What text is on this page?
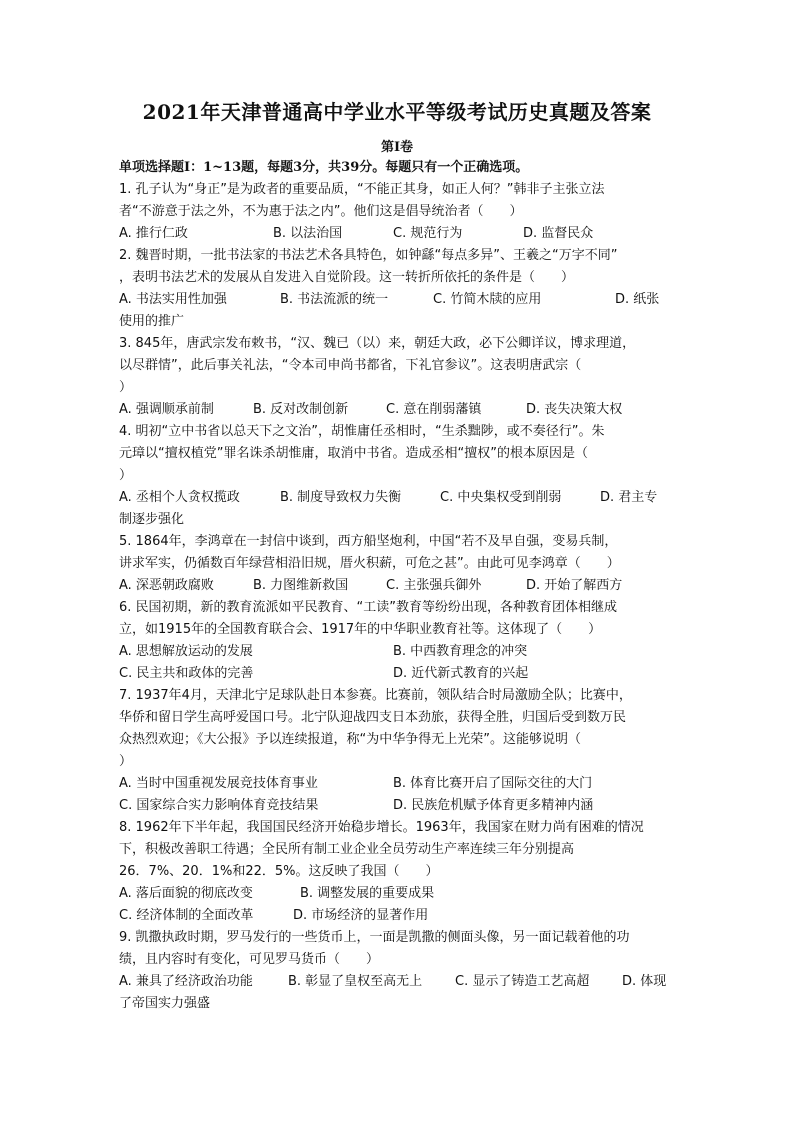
2021年天津普通高中学业水平等级考试历史真题及答案
第I卷
单项选择题I：1~13题，每题3分，共39分。每题只有一个正确选项。
1. 孔子认为“身正”是为政者的重要品质，“不能正其身，如正人何？”韩非子主张立法
者“不游意于法之外，不为惠于法之内”。他们这是倡导统治者（　　）
A. 推行仁政	B. 以法治国	C. 规范行为	D. 监督民众
2. 魏晋时期，一批书法家的书法艺术各具特色，如钟繇“每点多异”、王羲之“万字不同”
，表明书法艺术的发展从自发进入自觉阶段。这一转折所依托的条件是（　　）
A. 书法实用性加强	B. 书法流派的统一	C. 竹简木牍的应用	D. 纸张
使用的推广
3. 845年，唐武宗发布敕书，“汉、魏已（以）来，朝廷大政，必下公卿详议，博求理道，
以尽群情”，此后事关礼法，“令本司申尚书都省，下礼官参议”。这表明唐武宗（
）
A. 强调顺承前制	B. 反对改制创新	C. 意在削弱藩镇	D. 丧失决策大权
4. 明初“立中书省以总天下之文治”，胡惟庸任丞相时，“生杀黜陟，或不奏径行”。朱
元璋以“擅权植党”罪名诛杀胡惟庸，取消中书省。造成丞相“擅权”的根本原因是（
）
A. 丞相个人贪权揽政	B. 制度导致权力失衡	C. 中央集权受到削弱	D. 君主专
制逐步强化
5. 1864年，李鸿章在一封信中谈到，西方船坚炮利，中国“若不及早自强，变易兵制，
讲求军实，仍循数百年绿营相沿旧规，厝火积薪，可危之甚”。由此可见李鸿章（　　）
A. 深恶朝政腐败	B. 力图维新救国	C. 主张强兵御外	D. 开始了解西方
6. 民国初期，新的教育流派如平民教育、“工读”教育等纷纷出现，各种教育团体相继成
立，如1915年的全国教育联合会、1917年的中华职业教育社等。这体现了（　　）
A. 思想解放运动的发展	B. 中西教育理念的冲突
C. 民主共和政体的完善	D. 近代新式教育的兴起
7. 1937年4月，天津北宁足球队赴日本参赛。比赛前，领队结合时局激励全队；比赛中，
华侨和留日学生高呼爱国口号。北宁队迎战四支日本劲旅，获得全胜，归国后受到数万民
众热烈欢迎；《大公报》予以连续报道，称“为中华争得无上光荣”。这能够说明（
）
A. 当时中国重视发展竞技体育事业	B. 体育比赛开启了国际交往的大门
C. 国家综合实力影响体育竞技结果	D. 民族危机赋予体育更多精神内涵
8. 1962年下半年起，我国国民经济开始稳步增长。1963年，我国家在财力尚有困难的情况
下，积极改善职工待遇；全民所有制工业企业全员劳动生产率连续三年分别提高
26．7%、20．1%和22．5%。这反映了我国（　　）
A. 落后面貌的彻底改变	B. 调整发展的重要成果
C. 经济体制的全面改革	D. 市场经济的显著作用
9. 凯撒执政时期，罗马发行的一些货币上，一面是凯撒的侧面头像，另一面记载着他的功
绩，且内容时有变化，可见罗马货币（　　）
A. 兼具了经济政治功能	B. 彰显了皇权至高无上	C. 显示了铸造工艺高超	D. 体现
了帝国实力强盛
